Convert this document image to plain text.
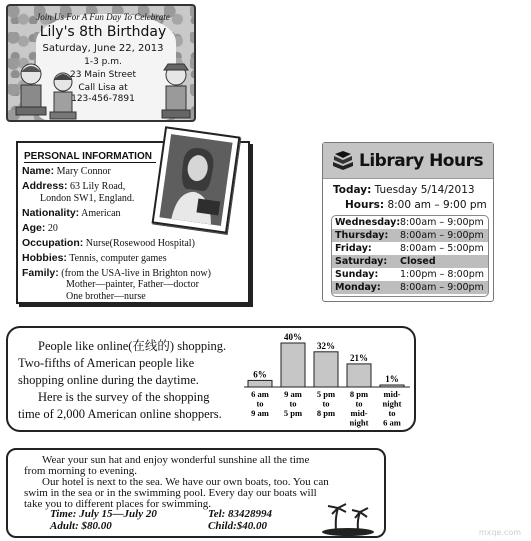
Join Us For A Fun Day To Celebrate
Lily's 8th Birthday
Saturday, June 22, 2013
1-3 p.m.
23 Main Street
Call Lisa at
123-456-7891
PERSONAL INFORMATION
Name: Mary Connor
Address: 63 Lily Road,
London SW1, England.
Nationality: American
Age: 20
Occupation: Nurse(Rosewood Hospital)
Hobbies: Tennis, computer games
Family: (from the USA-live in Brighton now)
Mother—painter, Father—doctor
One brother—nurse
Library Hours
Today: Tuesday 5/14/2013
Hours: 8:00 am – 9:00 pm
Wednesday: 8:00am – 9:00pm
Thursday:	8:00am – 9:00pm
Friday:	8:00am – 5:00pm
Saturday:	Closed
Sunday:	1:00pm – 8:00pm
Monday:	8:00am – 9:00pm
People like online(在线的) shopping.
Two-fifths of American people like
shopping online during the daytime.
Here is the survey of the shopping
time of 2,000 American online shoppers.
6%
6 am
to
9 am
40%
9 am
to
5 pm
32%
5 pm
to
8 pm
21%
8 pm
to
mid-
night
1%
mid-
night
to
6 am
Wear your sun hat and enjoy wonderful sunshine all the time
from morning to evening.
Our hotel is next to the sea. We have our own boats, too. You can
swim in the sea or in the swimming pool. Every day our boats will
take you to different places for swimming.
Time: July 15—July 20	Tel: 83428994
Adult: $80.00	Child:$40.00
mxqe.com
